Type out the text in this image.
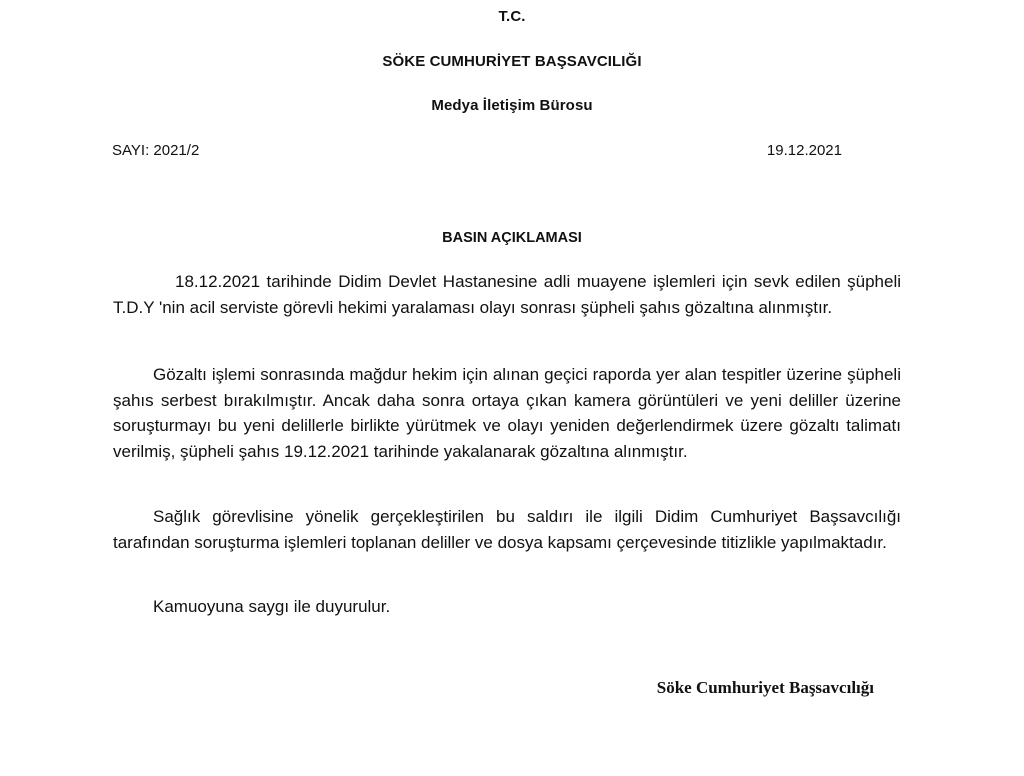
T.C.
SÖKE CUMHURİYET BAŞSAVCILIĞI
Medya İletişim Bürosu
SAYI: 2021/2	19.12.2021
BASIN AÇIKLAMASI

18.12.2021 tarihinde Didim Devlet Hastanesine adli muayene işlemleri için sevk edilen şüpheli T.D.Y 'nin acil serviste görevli hekimi yaralaması olayı sonrası şüpheli şahıs gözaltına alınmıştır.

Gözaltı işlemi sonrasında mağdur hekim için alınan geçici raporda yer alan tespitler üzerine şüpheli şahıs serbest bırakılmıştır. Ancak daha sonra ortaya çıkan kamera görüntüleri ve yeni deliller üzerine soruşturmayı bu yeni delillerle birlikte yürütmek ve olayı yeniden değerlendirmek üzere gözaltı talimatı verilmiş, şüpheli şahıs 19.12.2021 tarihinde yakalanarak gözaltına alınmıştır.

Sağlık görevlisine yönelik gerçekleştirilen bu saldırı ile ilgili Didim Cumhuriyet Başsavcılığı tarafından soruşturma işlemleri toplanan deliller ve dosya kapsamı çerçevesinde titizlikle yapılmaktadır.

Kamuoyuna saygı ile duyurulur.

Söke Cumhuriyet Başsavcılığı
